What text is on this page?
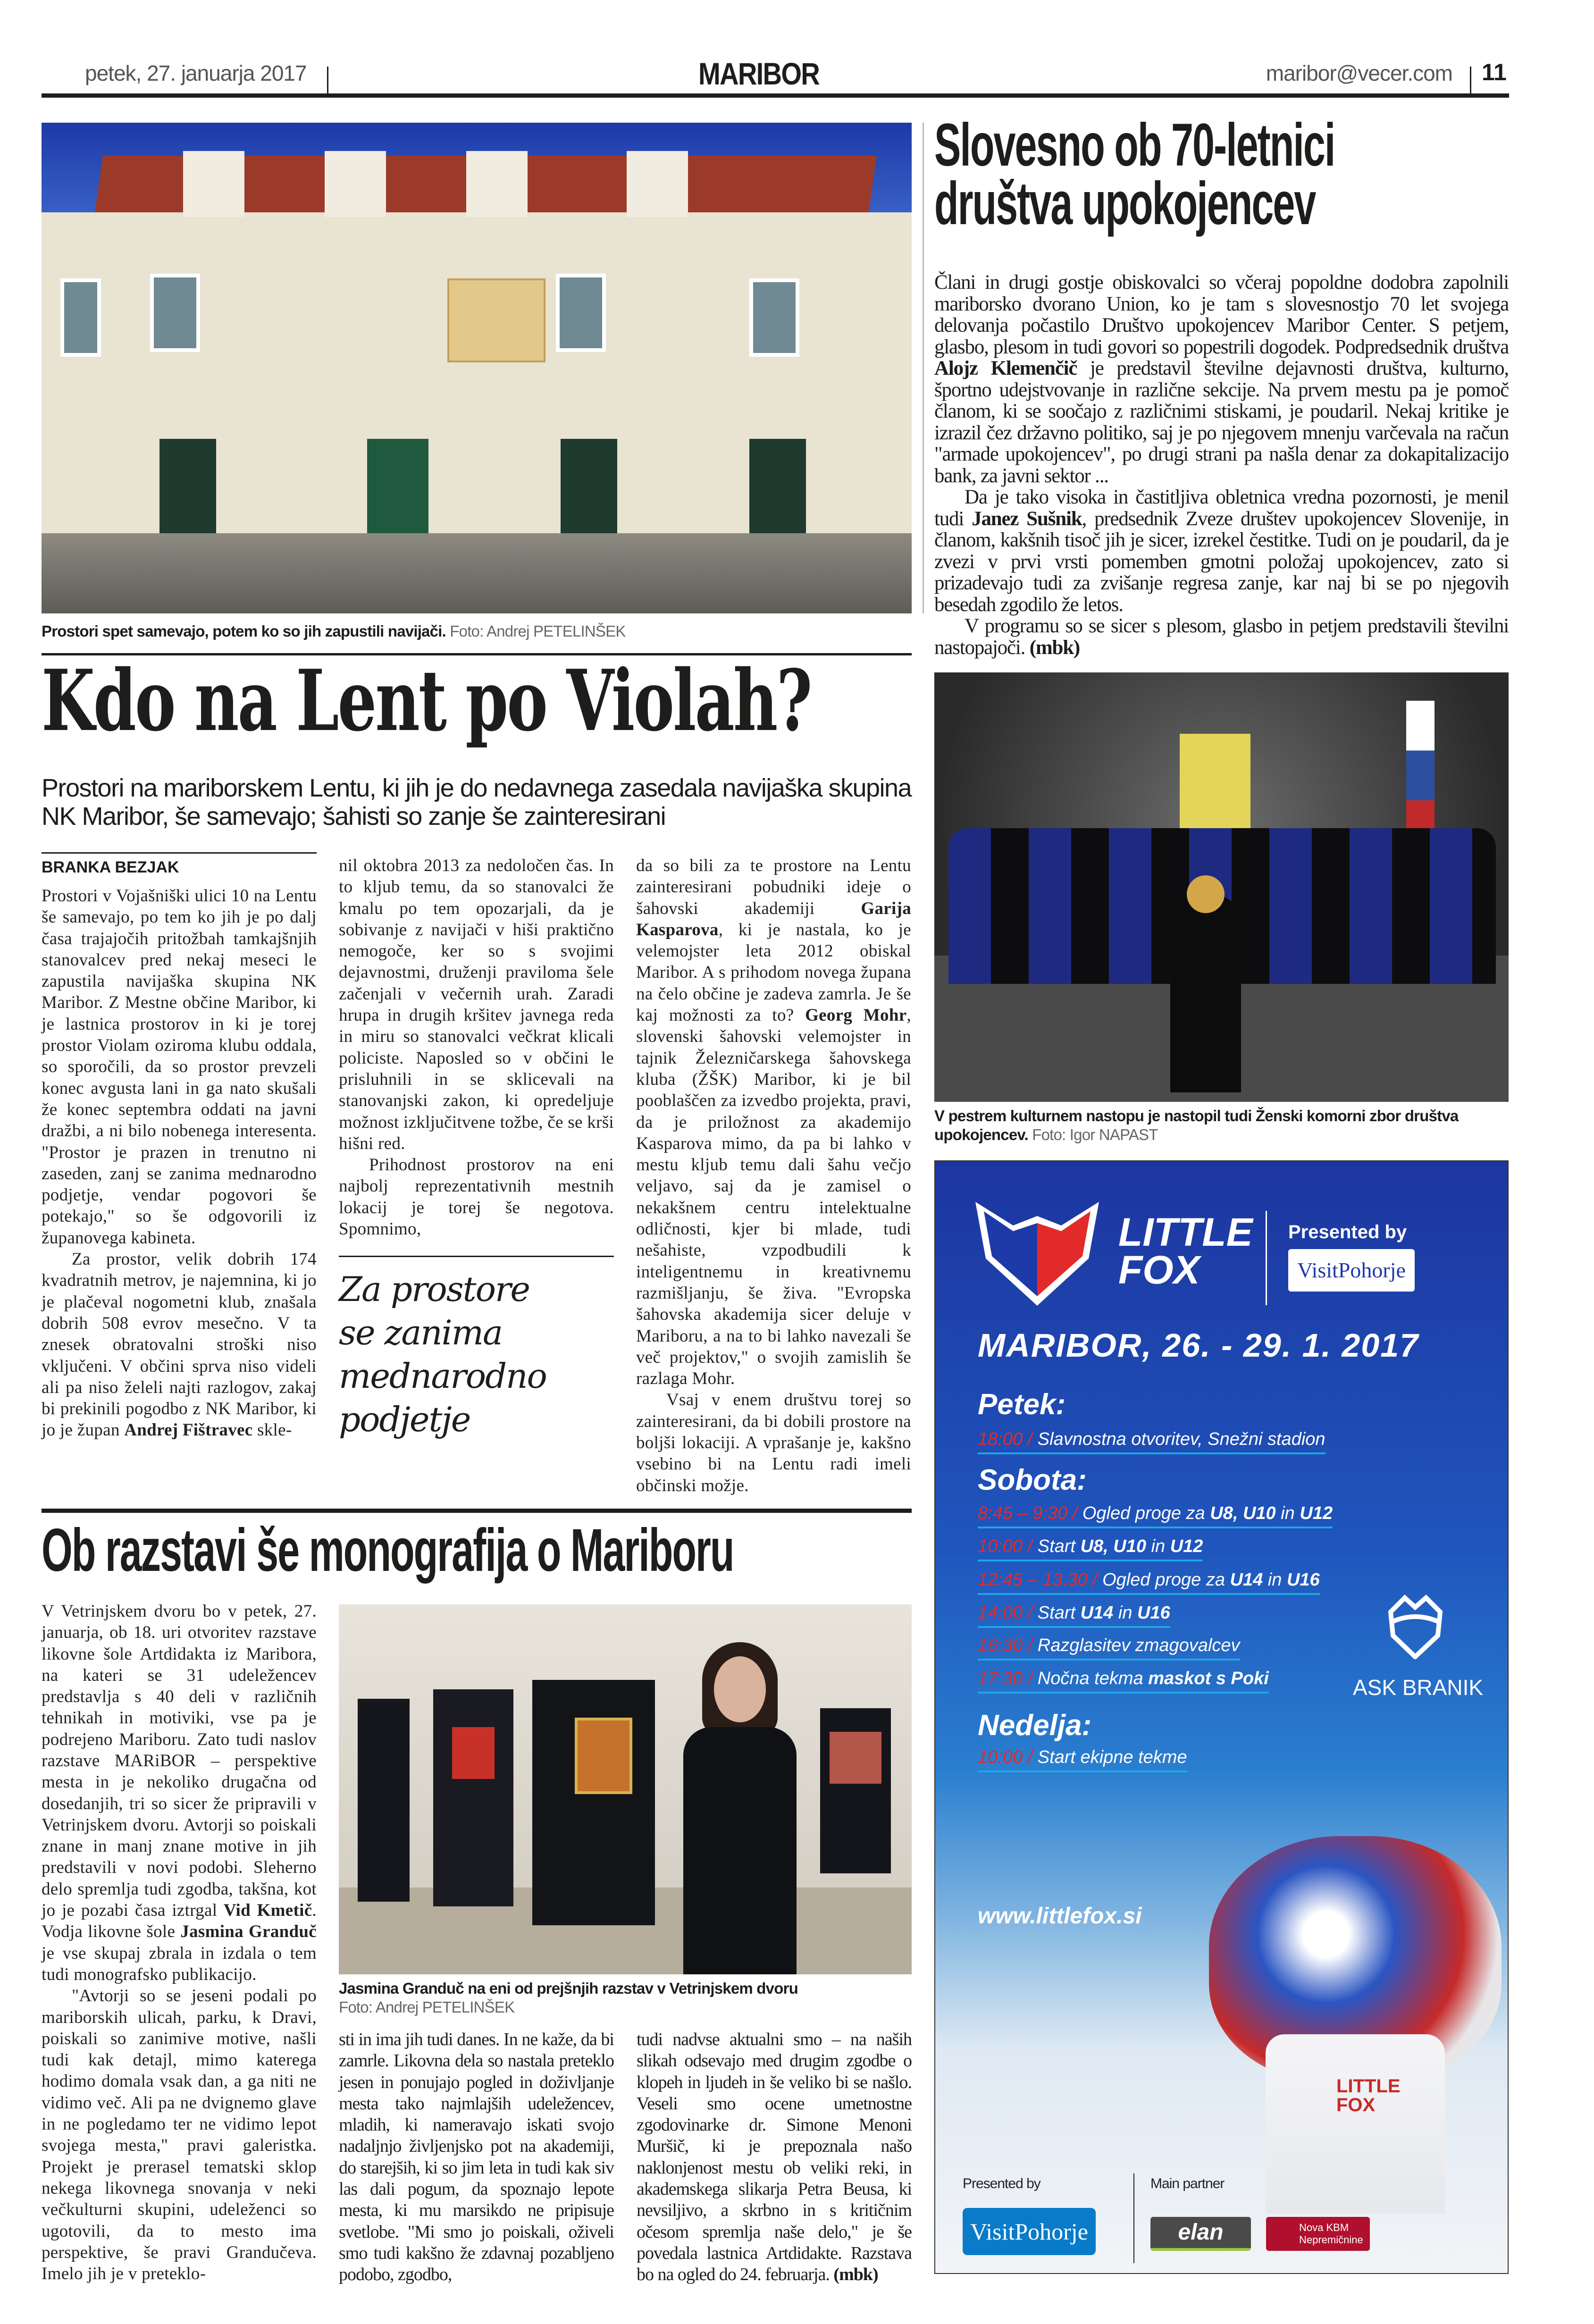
petek, 27. januarja 2017	MARIBOR	maribor@vecer.com 11
Prostori spet samevajo, potem ko so jih zapustili navijači. Foto: Andrej PETELINŠEK
Kdo na Lent po Violah?
Prostori na mariborskem Lentu, ki jih je do nedavnega zasedala navijaška skupina NK Maribor, še samevajo; šahisti so zanje še zainteresirani
BRANKA BEZJAK

Prostori v Vojašniški ulici 10 na Lentu še samevajo, po tem ko jih je po dalj časa trajajočih pritožbah tamkajšnjih stanovalcev pred nekaj meseci le zapustila navijaška skupina NK Maribor. Z Mestne občine Maribor, ki je lastnica prostorov in ki je torej prostor Violam oziroma klubu oddala, so sporočili, da so prostor prevzeli konec avgusta lani in ga nato skušali že konec septembra oddati na javni dražbi, a ni bilo nobenega interesenta. "Prostor je prazen in trenutno ni zaseden, zanj se zanima mednarodno podjetje, vendar pogovori še potekajo," so še odgovorili iz županovega kabineta.

Za prostor, velik dobrih 174 kvadratnih metrov, je najemnina, ki jo je plačeval nogometni klub, znašala dobrih 508 evrov mesečno. V ta znesek obratovalni stroški niso vključeni. V občini sprva niso videli ali pa niso želeli najti razlogov, zakaj bi prekinili pogodbo z NK Maribor, ki jo je župan Andrej Fištravec skle-

nil oktobra 2013 za nedoločen čas. In to kljub temu, da so stanovalci že kmalu po tem opozarjali, da je sobivanje z navijači v hiši praktično nemogoče, ker so s svojimi dejavnostmi, druženji praviloma šele začenjali v večernih urah. Zaradi hrupa in drugih kršitev javnega reda in miru so stanovalci večkrat klicali policiste. Naposled so v občini le prisluhnili in se sklicevali na stanovanjski zakon, ki opredeljuje možnost izključitvene tožbe, če se krši hišni red.

Prihodnost prostorov na eni najbolj reprezentativnih mestnih lokacij je torej še negotova. Spomnimo,

Za prostore
se zanima
mednarodno
podjetje

da so bili za te prostore na Lentu zainteresirani pobudniki ideje o šahovski akademiji Garija Kasparova, ki je nastala, ko je velemojster leta 2012 obiskal Maribor. A s prihodom novega župana na čelo občine je zadeva zamrla. Je še kaj možnosti za to? Georg Mohr, slovenski šahovski velemojster in tajnik Železničarskega šahovskega kluba (ŽŠK) Maribor, ki je bil pooblaščen za izvedbo projekta, pravi, da je priložnost za akademijo Kasparova mimo, da pa bi lahko v mestu kljub temu dali šahu večjo veljavo, saj da je zamisel o nekakšnem centru intelektualne odličnosti, kjer bi mlade, tudi nešahiste, vzpodbudili k inteligentnemu in kreativnemu razmišljanju, še živa. "Evropska šahovska akademija sicer deluje v Mariboru, a na to bi lahko navezali še več projektov," o svojih zamislih še razlaga Mohr.

Vsaj v enem društvu torej so zainteresirani, da bi dobili prostore na boljši lokaciji. A vprašanje je, kakšno vsebino bi na Lentu radi imeli občinski možje.

Ob razstavi še monografija o Mariboru

V Vetrinjskem dvoru bo v petek, 27. januarja, ob 18. uri otvoritev razstave likovne šole Artdidakta iz Maribora, na kateri se 31 udeležencev predstavlja s 40 deli v različnih tehnikah in motiviki, vse pa je podrejeno Mariboru. Zato tudi naslov razstave MARiBOR – perspektive mesta in je nekoliko drugačna od dosedanjih, tri so sicer že pripravili v Vetrinjskem dvoru. Avtorji so poiskali znane in manj znane motive in jih predstavili v novi podobi. Sleherno delo spremlja tudi zgodba, takšna, kot jo je pozabi časa iztrgal Vid Kmetič. Vodja likovne šole Jasmina Granduč je vse skupaj zbrala in izdala o tem tudi monografsko publikacijo.

"Avtorji so se jeseni podali po mariborskih ulicah, parku, k Dravi, poiskali so zanimive motive, našli tudi kak detajl, mimo katerega hodimo domala vsak dan, a ga niti ne vidimo več. Ali pa ne dvignemo glave in ne pogledamo ter ne vidimo lepot svojega mesta," pravi galeristka. Projekt je prerasel tematski sklop nekega likovnega snovanja v neki večkulturni skupini, udeleženci so ugotovili, da to mesto ima perspektive, še pravi Grandučeva. Imelo jih je v preteklo-

Jasmina Granduč na eni od prejšnjih razstav v Vetrinjskem dvoru
Foto: Andrej PETELINŠEK

sti in ima jih tudi danes. In ne kaže, da bi zamrle. Likovna dela so nastala preteklo jesen in ponujajo pogled in doživljanje mesta tako najmlajših udeležencev, mladih, ki nameravajo iskati svojo nadaljnjo življenjsko pot na akademiji, do starejših, ki so jim leta in tudi kak siv las dali pogum, da spoznajo lepote mesta, ki mu marsikdo ne pripisuje svetlobe. "Mi smo jo poiskali, oživeli smo tudi kakšno že zdavnaj pozabljeno podobo, zgodbo,

tudi nadvse aktualni smo – na naših slikah odsevajo med drugim zgodbe o klopeh in ljudeh in še veliko bi se našlo. Veseli smo ocene umetnostne zgodovinarke dr. Simone Menoni Muršič, ki je prepoznala našo naklonjenost mestu ob veliki reki, in akademskega slikarja Petra Beusa, ki nevsiljivo, a skrbno in s kritičnim očesom spremlja naše delo," je še povedala lastnica Artdidakte. Razstava bo na ogled do 24. februarja. (mbk)

Slovesno ob 70-letnici
društva upokojencev

Člani in drugi gostje obiskovalci so včeraj popoldne dodobra zapolnili mariborsko dvorano Union, ko je tam s slovesnostjo 70 let svojega delovanja počastilo Društvo upokojencev Maribor Center. S petjem, glasbo, plesom in tudi govori so popestrili dogodek. Podpredsednik društva Alojz Klemenčič je predstavil številne dejavnosti društva, kulturno, športno udejstvovanje in različne sekcije. Na prvem mestu pa je pomoč članom, ki se soočajo z različnimi stiskami, je poudaril. Nekaj kritike je izrazil čez državno politiko, saj je po njegovem mnenju varčevala na račun "armade upokojencev", po drugi strani pa našla denar za dokapitalizacijo bank, za javni sektor ...

Da je tako visoka in častitljiva obletnica vredna pozornosti, je menil tudi Janez Sušnik, predsednik Zveze društev upokojencev Slovenije, in članom, kakšnih tisoč jih je sicer, izrekel čestitke. Tudi on je poudaril, da je zvezi v prvi vrsti pomemben gmotni položaj upokojencev, zato si prizadevajo tudi za zvišanje regresa zanje, kar naj bi se po njegovih besedah zgodilo že letos.

V programu so se sicer s plesom, glasbo in petjem predstavili številni nastopajoči. (mbk)

V pestrem kulturnem nastopu je nastopil tudi Ženski komorni zbor društva upokojencev. Foto: Igor NAPAST
LITTLE
FOX
Presented by
VisitPohorje
MARIBOR, 26. - 29. 1. 2017
Petek:
18:00 / Slavnostna otvoritev, Snežni stadion
Sobota:
8:45 – 9:30 / Ogled proge za U8, U10 in U12
10:00 / Start U8, U10 in U12
12:45 – 13.30 / Ogled proge za U14 in U16
14:00 / Start U14 in U16
16:30 / Razglasitev zmagovalcev
17:30 / Nočna tekma maskot s Poki
Nedelja:
10:00 / Start ekipne tekme
ASK BRANIK
www.littlefox.si
LITTLE
FOX
Presented by	Main partner
VisitPohorje	elan	Nova KBM
Nepremičnine
